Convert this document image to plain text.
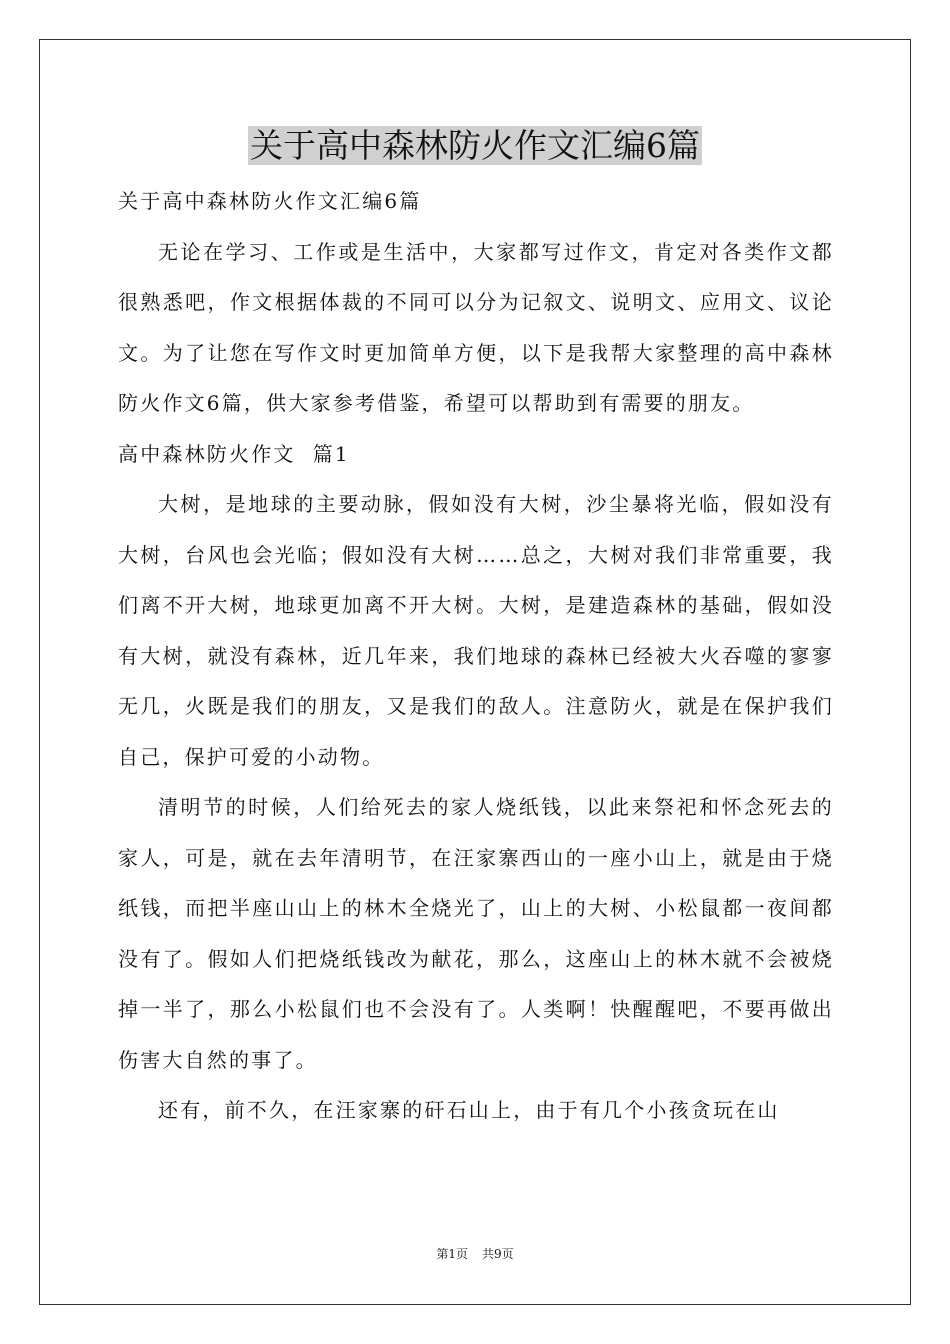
关于高中森林防火作文汇编6篇

关于高中森林防火作文汇编6篇

无论在学习、工作或是生活中，大家都写过作文，肯定对各类作文都很熟悉吧，作文根据体裁的不同可以分为记叙文、说明文、应用文、议论文。为了让您在写作文时更加简单方便，以下是我帮大家整理的高中森林防火作文6篇，供大家参考借鉴，希望可以帮助到有需要的朋友。

高中森林防火作文  篇1

大树，是地球的主要动脉，假如没有大树，沙尘暴将光临，假如没有大树，台风也会光临；假如没有大树……总之，大树对我们非常重要，我们离不开大树，地球更加离不开大树。大树，是建造森林的基础，假如没有大树，就没有森林，近几年来，我们地球的森林已经被大火吞噬的寥寥无几，火既是我们的朋友，又是我们的敌人。注意防火，就是在保护我们自己，保护可爱的小动物。

清明节的时候，人们给死去的家人烧纸钱，以此来祭祀和怀念死去的家人，可是，就在去年清明节，在汪家寨西山的一座小山上，就是由于烧纸钱，而把半座山山上的林木全烧光了，山上的大树、小松鼠都一夜间都没有了。假如人们把烧纸钱改为献花，那么，这座山上的林木就不会被烧掉一半了，那么小松鼠们也不会没有了。人类啊！快醒醒吧，不要再做出伤害大自然的事了。

还有，前不久，在汪家寨的矸石山上，由于有几个小孩贪玩在山

第1页 共9页
